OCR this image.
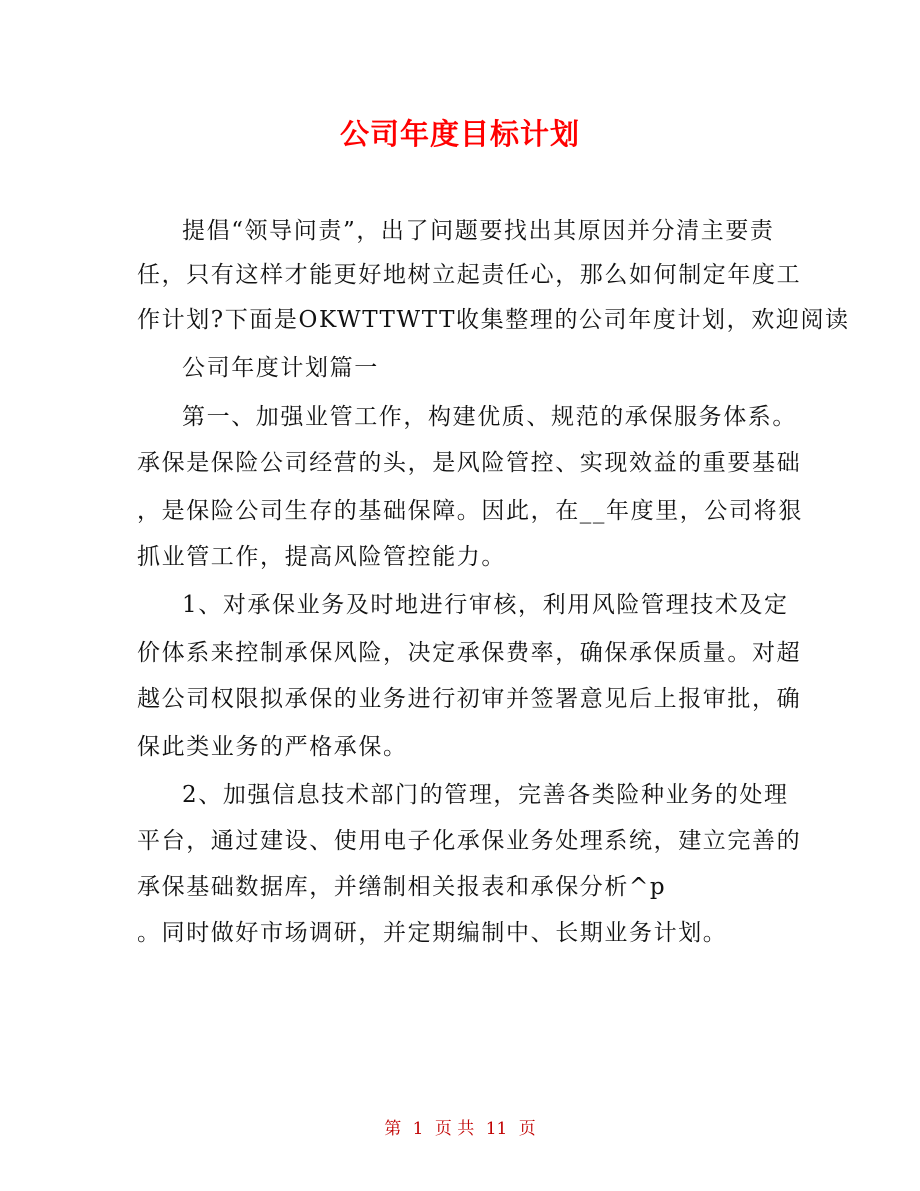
公司年度目标计划
提倡“领导问责”，出了问题要找出其原因并分清主要责
任，只有这样才能更好地树立起责任心，那么如何制定年度工
作计划?下面是OKWTTWTT收集整理的公司年度计划，欢迎阅读
公司年度计划篇一
第一、加强业管工作，构建优质、规范的承保服务体系。
承保是保险公司经营的头，是风险管控、实现效益的重要基础
，是保险公司生存的基础保障。因此，在__年度里，公司将狠
抓业管工作，提高风险管控能力。
1、对承保业务及时地进行审核，利用风险管理技术及定
价体系来控制承保风险，决定承保费率，确保承保质量。对超
越公司权限拟承保的业务进行初审并签署意见后上报审批，确
保此类业务的严格承保。
2、加强信息技术部门的管理，完善各类险种业务的处理
平台，通过建设、使用电子化承保业务处理系统，建立完善的
承保基础数据库，并缮制相关报表和承保分析^p
。同时做好市场调研，并定期编制中、长期业务计划。
第 1 页 共 11 页
